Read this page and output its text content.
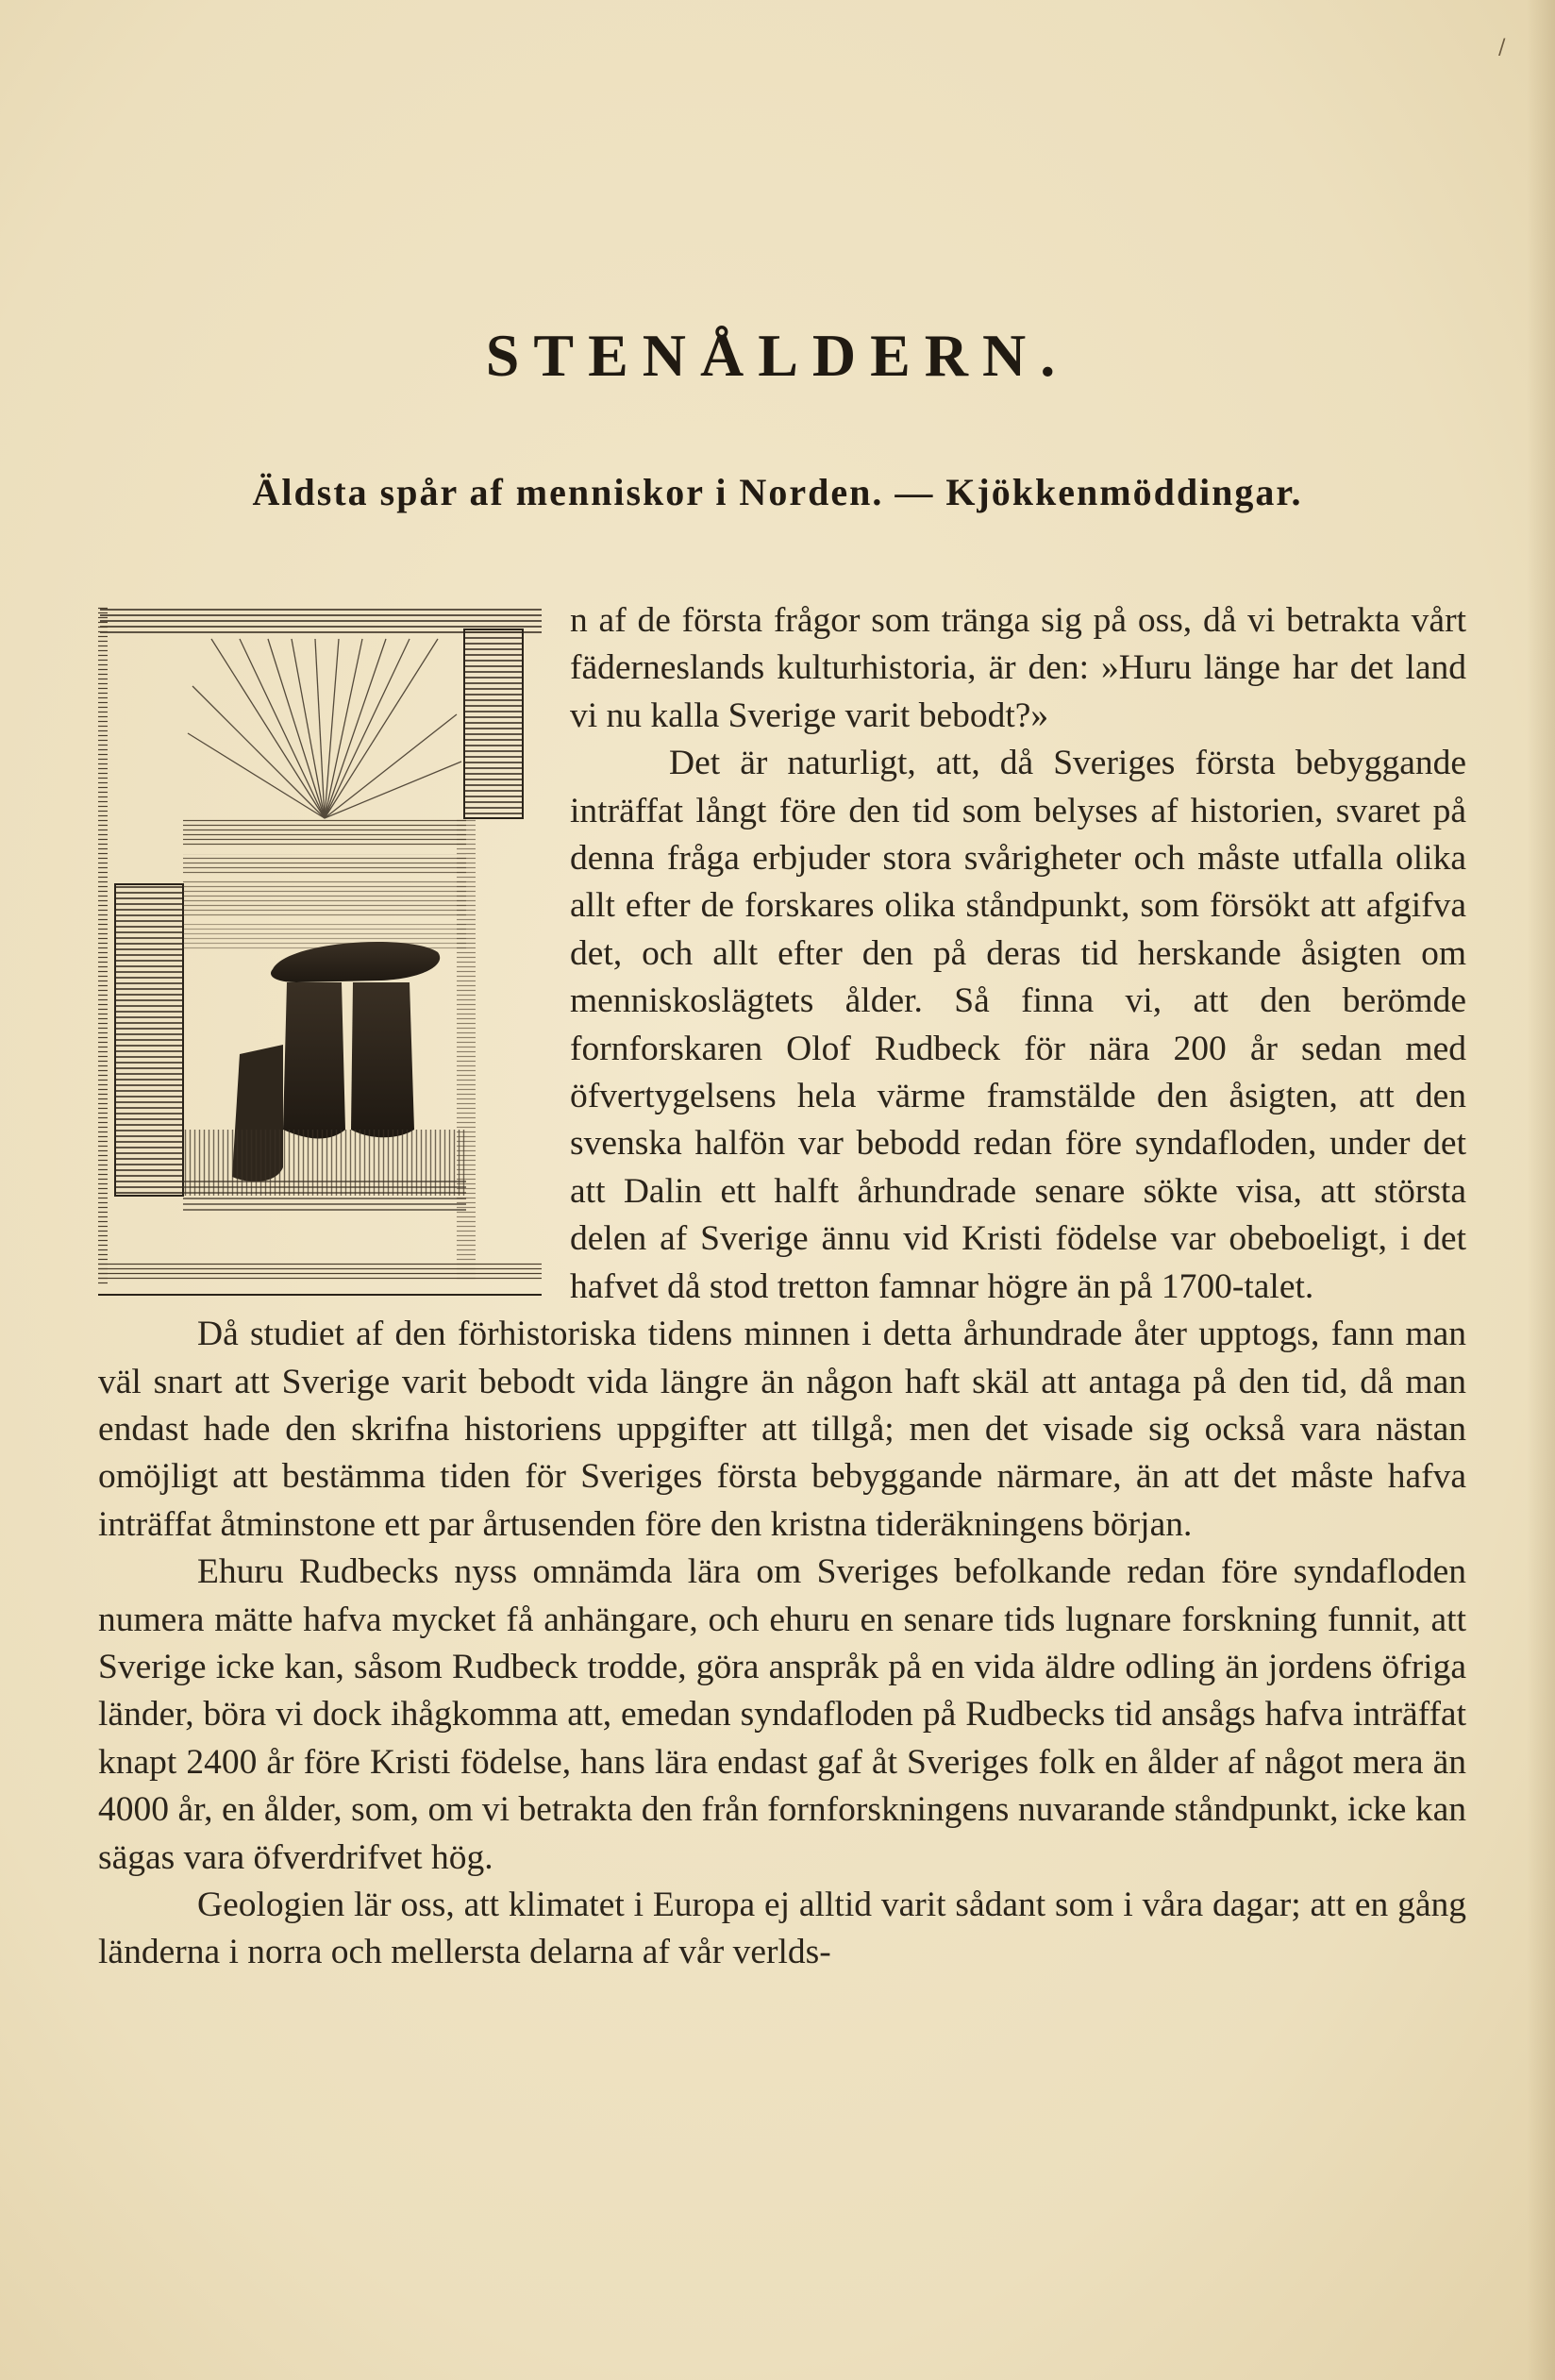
/
STENÅLDERN.
Äldsta spår af menniskor i Norden. — Kjökkenmöddingar.

n af de första frågor som tränga sig på oss, då vi betrakta vårt fäderneslands kulturhistoria, är den: »Huru länge har det land vi nu kalla Sverige varit bebodt?»

Det är naturligt, att, då Sveriges första bebyggande inträffat långt före den tid som belyses af historien, svaret på denna fråga erbjuder stora svårigheter och måste utfalla olika allt efter de forskares olika ståndpunkt, som försökt att afgifva det, och allt efter den på deras tid herskande åsigten om menniskoslägtets ålder. Så finna vi, att den berömde fornforskaren Olof Rudbeck för nära 200 år sedan med öfvertygelsens hela värme framstälde den åsigten, att den svenska halfön var bebodd redan före syndafloden, under det att Dalin ett halft århundrade senare sökte visa, att största delen af Sverige ännu vid Kristi födelse var obeboeligt, i det hafvet då stod tretton famnar högre än på 1700-talet.

Då studiet af den förhistoriska tidens minnen i detta århundrade åter upptogs, fann man väl snart att Sverige varit bebodt vida längre än någon haft skäl att antaga på den tid, då man endast hade den skrifna historiens uppgifter att tillgå; men det visade sig också vara nästan omöjligt att bestämma tiden för Sveriges första bebyggande närmare, än att det måste hafva inträffat åtminstone ett par årtusenden före den kristna tideräkningens början.

Ehuru Rudbecks nyss omnämda lära om Sveriges befolkande redan före syndafloden numera mätte hafva mycket få anhängare, och ehuru en senare tids lugnare forskning funnit, att Sverige icke kan, såsom Rudbeck trodde, göra anspråk på en vida äldre odling än jordens öfriga länder, böra vi dock ihågkomma att, emedan syndafloden på Rudbecks tid ansågs hafva inträffat knapt 2400 år före Kristi födelse, hans lära endast gaf åt Sveriges folk en ålder af något mera än 4000 år, en ålder, som, om vi betrakta den från fornforskningens nuvarande ståndpunkt, icke kan sägas vara öfverdrifvet hög.

Geologien lär oss, att klimatet i Europa ej alltid varit sådant som i våra dagar; att en gång länderna i norra och mellersta delarna af vår verlds-
